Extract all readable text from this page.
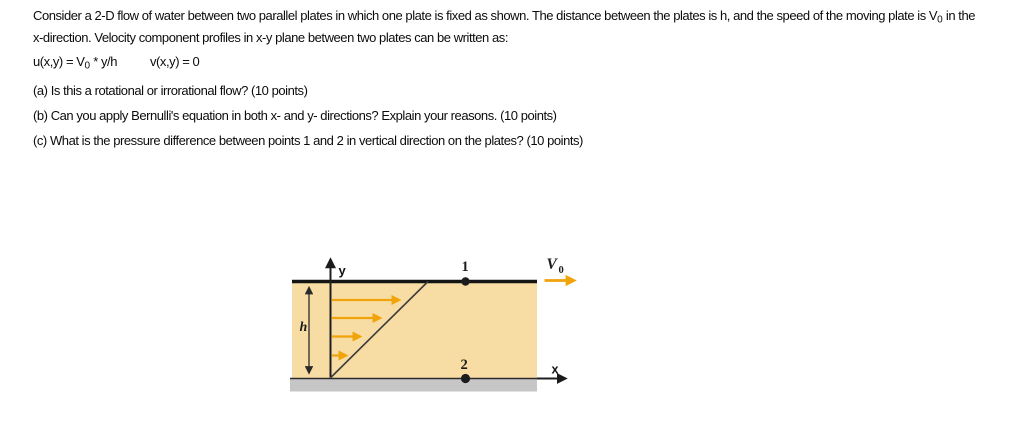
y
h
1
2	x
V 0
Consider a 2-D flow of water between two parallel plates in which one plate is fixed as shown. The distance between the plates is h, and the speed of the moving plate is $V_0$ in the
x-direction. Velocity component profiles in x-y plane between two plates can be written as:
$u(x,y) = V_0 * y/h$	v(x,y) = 0
(a) Is this a rotational or irrorational flow? (10 points)
(b) Can you apply Bernulli's equation in both x- and y- directions? Explain your reasons. (10 points)
(c) What is the pressure difference between points 1 and 2 in vertical direction on the plates? (10 points)
